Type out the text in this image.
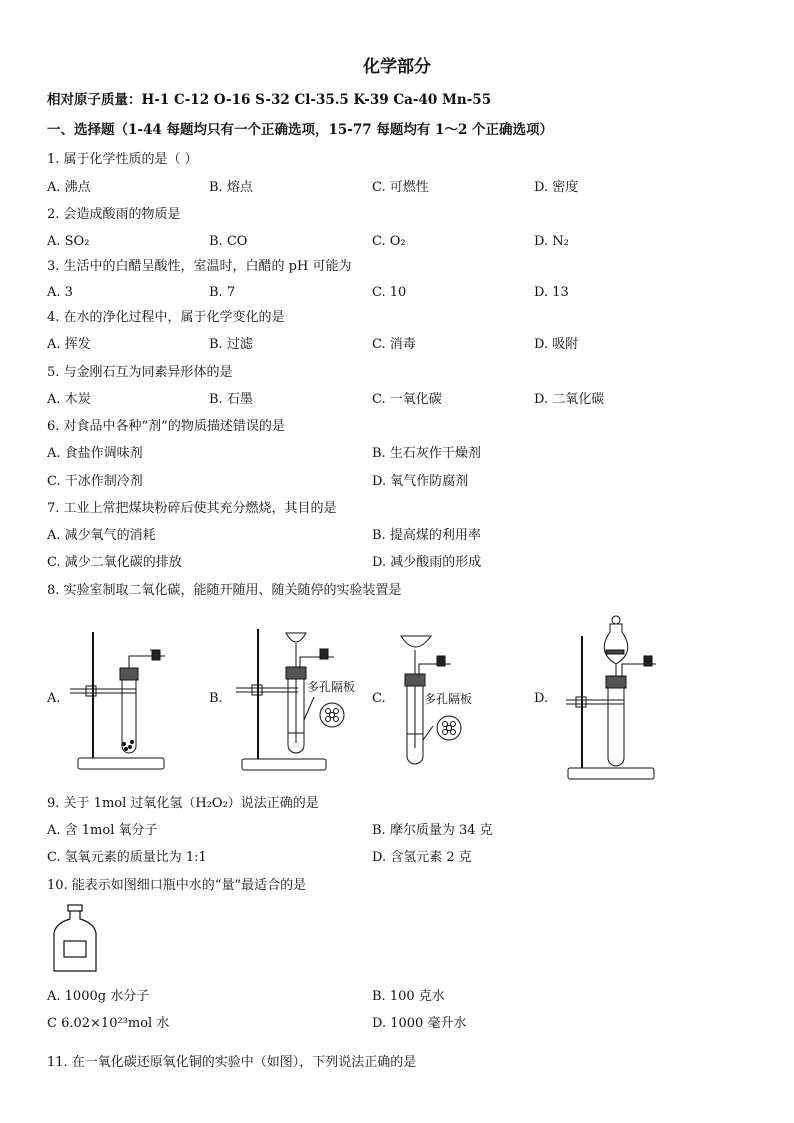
化学部分
相对原子质量：H-1 C-12 O-16 S-32 Cl-35.5 K-39 Ca-40 Mn-55
一、选择题（1-44 每题均只有一个正确选项，15-77 每题均有 1～2 个正确选项）
1. 属于化学性质的是（ ）
A. 沸点	B. 熔点	C. 可燃性	D. 密度
2. 会造成酸雨的物质是
A. SO₂	B. CO	C. O₂	D. N₂
3. 生活中的白醋呈酸性，室温时，白醋的 pH 可能为
A. 3	B. 7	C. 10	D. 13
4. 在水的净化过程中，属于化学变化的是
A. 挥发	B. 过滤	C. 消毒	D. 吸附
5. 与金刚石互为同素异形体的是
A. 木炭	B. 石墨	C. 一氧化碳	D. 二氧化碳
6. 对食品中各种“剂”的物质描述错误的是
A. 食盐作调味剂	B. 生石灰作干燥剂
C. 干冰作制冷剂	D. 氧气作防腐剂
7. 工业上常把煤块粉碎后使其充分燃烧，其目的是
A. 减少氧气的消耗	B. 提高煤的利用率
C. 减少二氧化碳的排放	D. 减少酸雨的形成
8. 实验室制取二氧化碳，能随开随用、随关随停的实验装置是
A.	B.	C.	D.
多孔隔板
多孔隔板
9. 关于 1mol 过氧化氢（H₂O₂）说法正确的是
A. 含 1mol 氧分子	B. 摩尔质量为 34 克
C. 氢氧元素的质量比为 1:1	D. 含氢元素 2 克
10. 能表示如图细口瓶中水的“量”最适合的是
A. 1000g 水分子	B. 100 克水
C 6.02×10²³mol 水	D. 1000 毫升水
11. 在一氧化碳还原氧化铜的实验中（如图），下列说法正确的是
